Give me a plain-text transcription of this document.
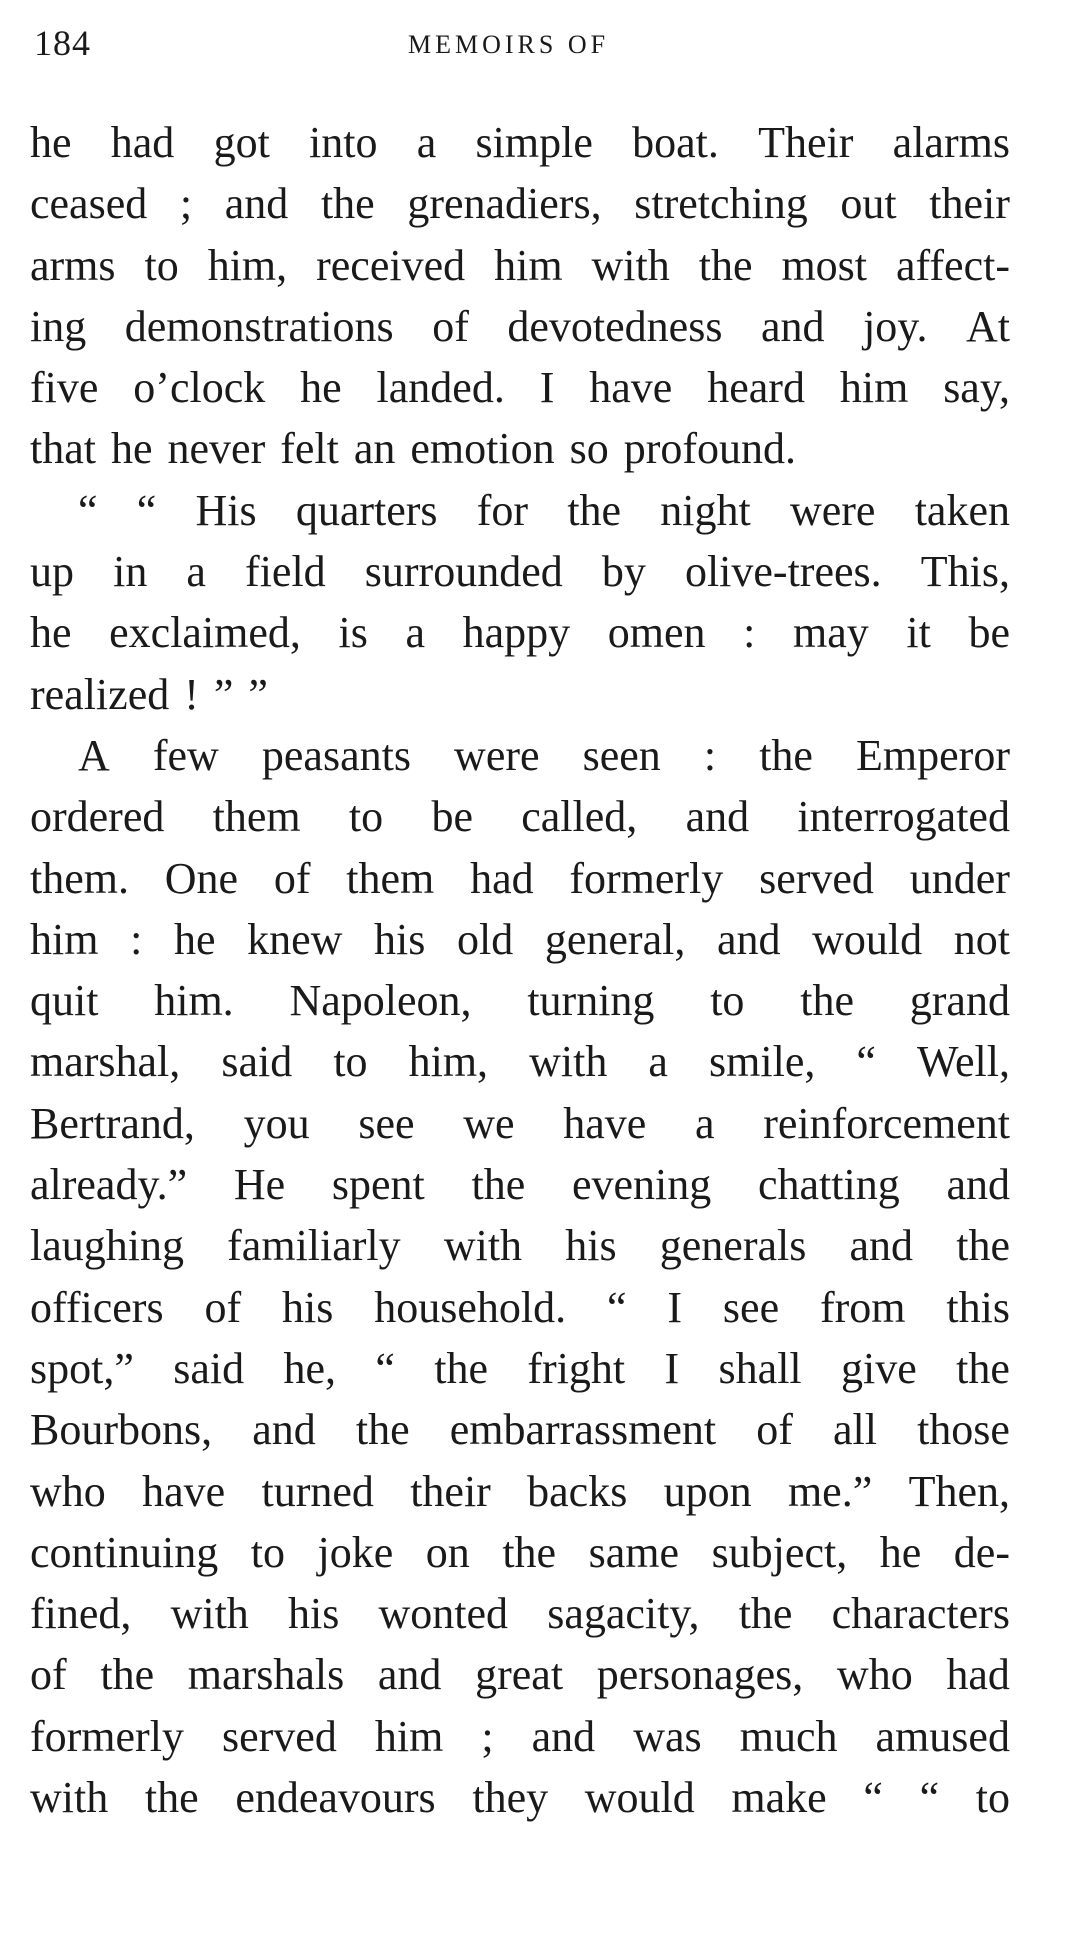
184	MEMOIRS OF
he had got into a simple boat. Their alarms
ceased ; and the grenadiers, stretching out their
arms to him, received him with the most affect-
ing demonstrations of devotedness and joy. At
five o’clock he landed. I have heard him say,
that he never felt an emotion so profound.
“ “ His quarters for the night were taken
up in a field surrounded by olive-trees. This,
he exclaimed, is a happy omen : may it be
realized ! ” ”
A few peasants were seen : the Emperor
ordered them to be called, and interrogated
them. One of them had formerly served under
him : he knew his old general, and would not
quit him. Napoleon, turning to the grand
marshal, said to him, with a smile, “ Well,
Bertrand, you see we have a reinforcement
already.” He spent the evening chatting and
laughing familiarly with his generals and the
officers of his household. “ I see from this
spot,” said he, “ the fright I shall give the
Bourbons, and the embarrassment of all those
who have turned their backs upon me.” Then,
continuing to joke on the same subject, he de-
fined, with his wonted sagacity, the characters
of the marshals and great personages, who had
formerly served him ; and was much amused
with the endeavours they would make “ “ to
